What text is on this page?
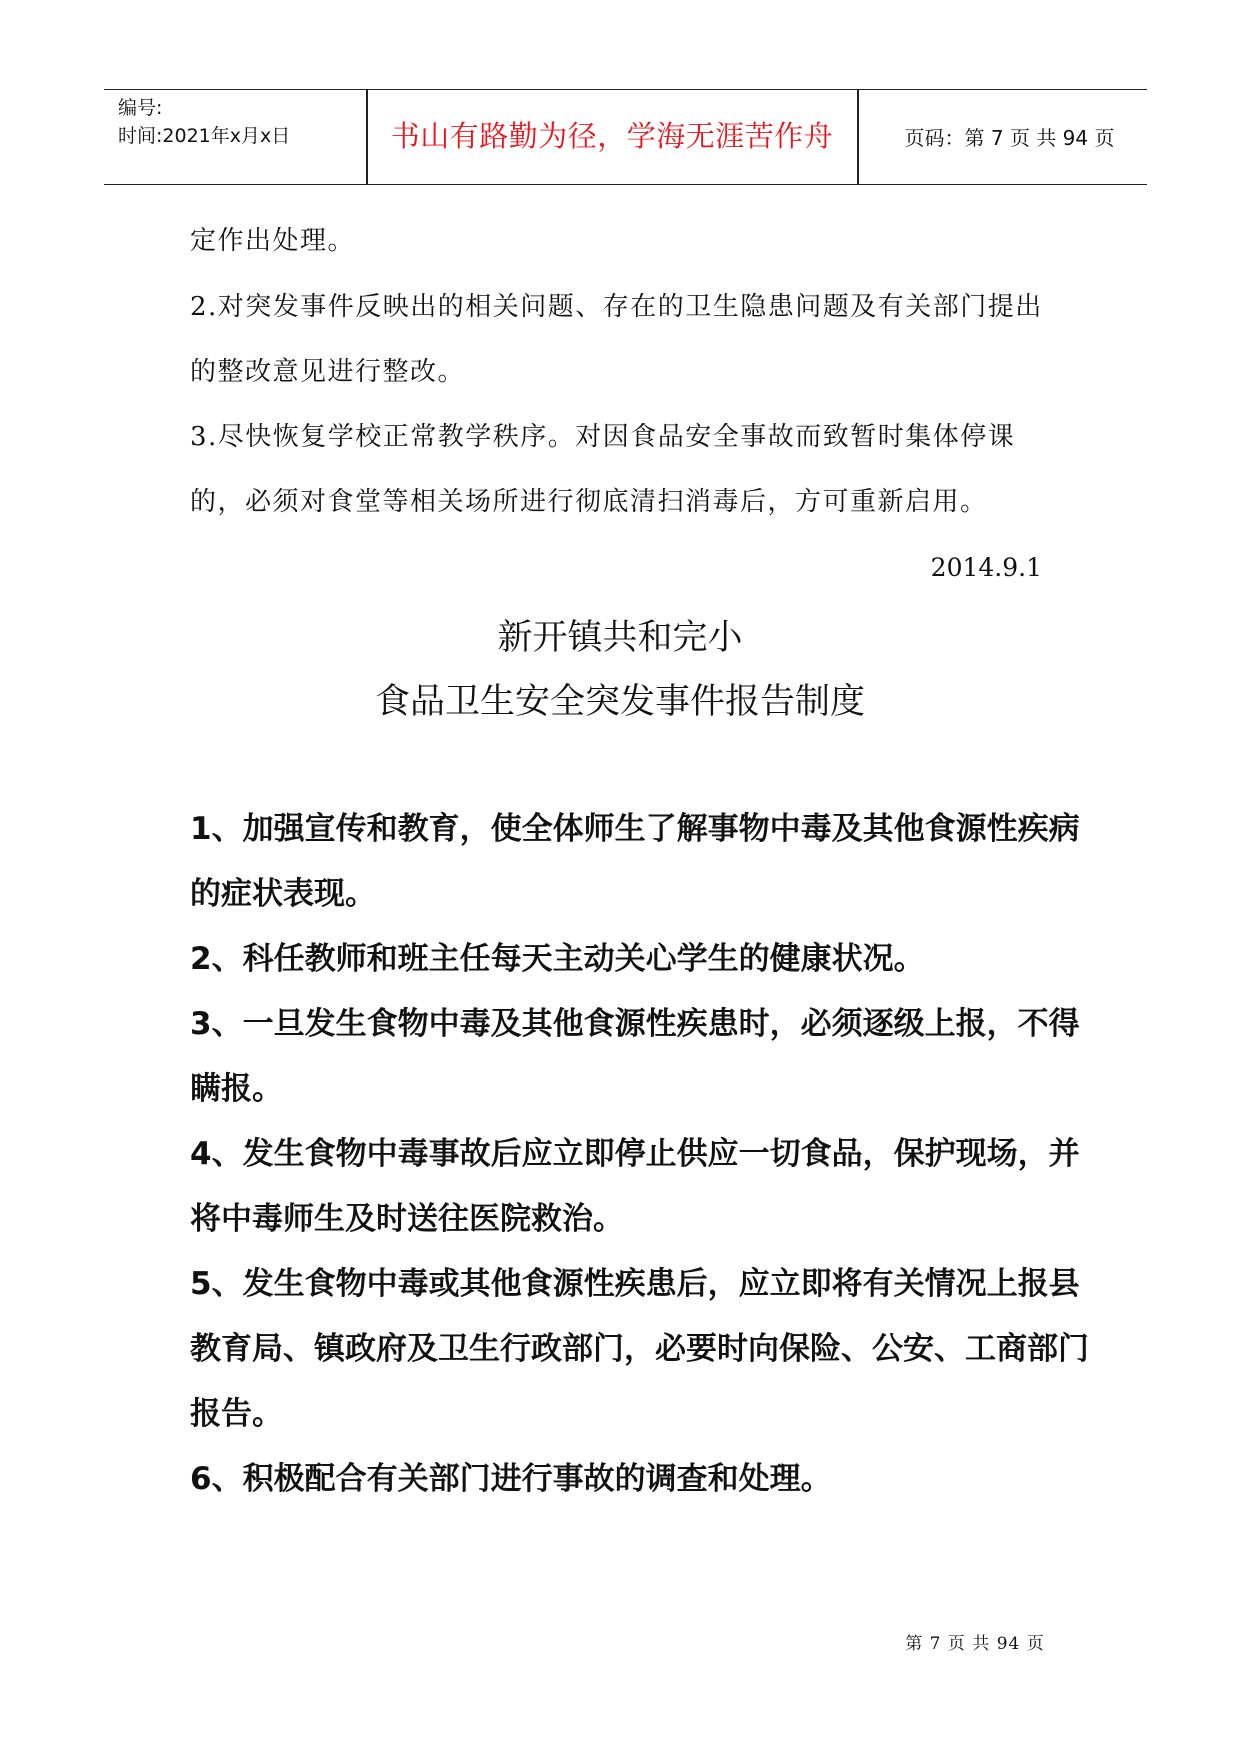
编号:
时间:2021年x月x日	书山有路勤为径，学海无涯苦作舟	页码：第 7 页 共 94 页
定作出处理。
2.对突发事件反映出的相关问题、存在的卫生隐患问题及有关部门提出的整改意见进行整改。
3.尽快恢复学校正常教学秩序。对因食品安全事故而致暂时集体停课的，必须对食堂等相关场所进行彻底清扫消毒后，方可重新启用。
2014.9.1
新开镇共和完小
食品卫生安全突发事件报告制度

1、加强宣传和教育，使全体师生了解事物中毒及其他食源性疾病的症状表现。

2、科任教师和班主任每天主动关心学生的健康状况。

3、一旦发生食物中毒及其他食源性疾患时，必须逐级上报，不得瞒报。

4、发生食物中毒事故后应立即停止供应一切食品，保护现场，并将中毒师生及时送往医院救治。

5、发生食物中毒或其他食源性疾患后，应立即将有关情况上报县教育局、镇政府及卫生行政部门，必要时向保险、公安、工商部门报告。

6、积极配合有关部门进行事故的调查和处理。

第 7 页 共 94 页
